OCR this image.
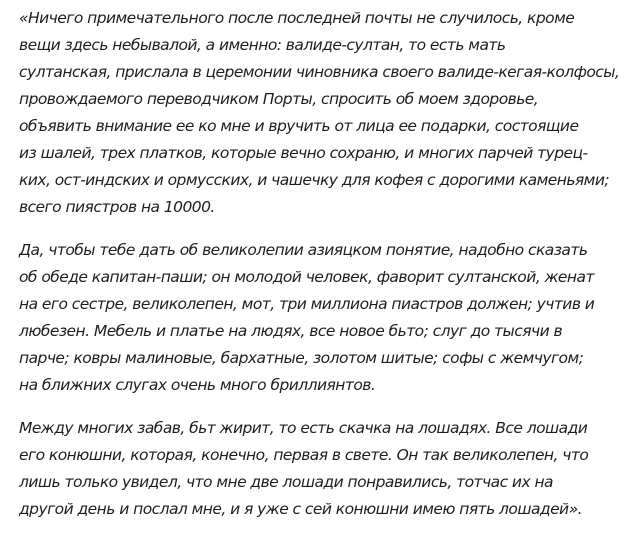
«Ничего примечательного после последней почты не случилось, кроме
вещи здесь небывалой, а именно: валиде-султан, то есть мать
султанская, прислала в церемонии чиновника своего валиде-кегая-колфосы,
провождаемого переводчиком Порты, спросить об моем здоровье,
объявить внимание ее ко мне и вручить от лица ее подарки, состоящие
из шалей, трех платков, которые вечно сохраню, и многих парчей турец-
ких, ост-индских и ормусских, и чашечку для кофея с дорогими каменьями;
всего пиястров на 10000.

Да, чтобы тебе дать об великолепии азияцком понятие, надобно сказать
об обеде капитан-паши; он молодой человек, фаворит султанской, женат
на его сестре, великолепен, мот, три миллиона пиастров должен; учтив и
любезен. Мебель и платье на людях, все новое бьто; слуг до тысячи в
парче; ковры малиновые, бархатные, золотом шитые; софы с жемчугом;
на ближних слугах очень много бриллиянтов.

Между многих забав, бьт жирит, то есть скачка на лошадях. Все лошади
его конюшни, которая, конечно, первая в свете. Он так великолепен, что
лишь только увидел, что мне две лошади понравились, тотчас их на
другой день и послал мне, и я уже с сей конюшни имею пять лошадей».
